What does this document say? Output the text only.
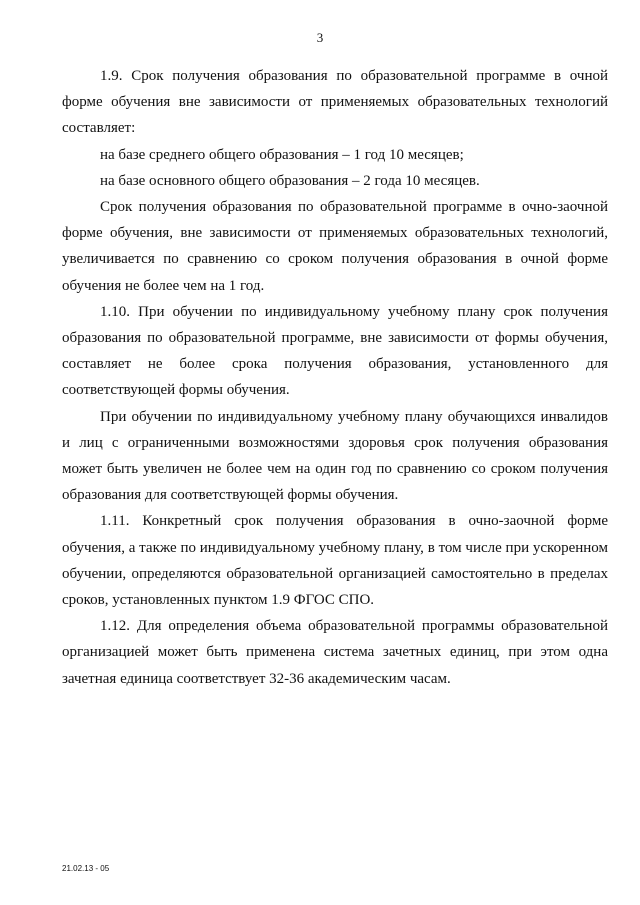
3

1.9. Срок получения образования по образовательной программе в очной форме обучения вне зависимости от применяемых образовательных технологий составляет:

на базе среднего общего образования – 1 год 10 месяцев;

на базе основного общего образования – 2 года 10 месяцев.

Срок получения образования по образовательной программе в очно-заочной форме обучения, вне зависимости от применяемых образовательных технологий, увеличивается по сравнению со сроком получения образования в очной форме обучения не более чем на 1 год.

1.10. При обучении по индивидуальному учебному плану срок получения образования по образовательной программе, вне зависимости от формы обучения, составляет не более срока получения образования, установленного для соответствующей формы обучения.

При обучении по индивидуальному учебному плану обучающихся инвалидов и лиц с ограниченными возможностями здоровья срок получения образования может быть увеличен не более чем на один год по сравнению со сроком получения образования для соответствующей формы обучения.

1.11. Конкретный срок получения образования в очно-заочной форме обучения, а также по индивидуальному учебному плану, в том числе при ускоренном обучении, определяются образовательной организацией самостоятельно в пределах сроков, установленных пунктом 1.9 ФГОС СПО.

1.12. Для определения объема образовательной программы образовательной организацией может быть применена система зачетных единиц, при этом одна зачетная единица соответствует 32-36 академическим часам.

21.02.13 - 05
